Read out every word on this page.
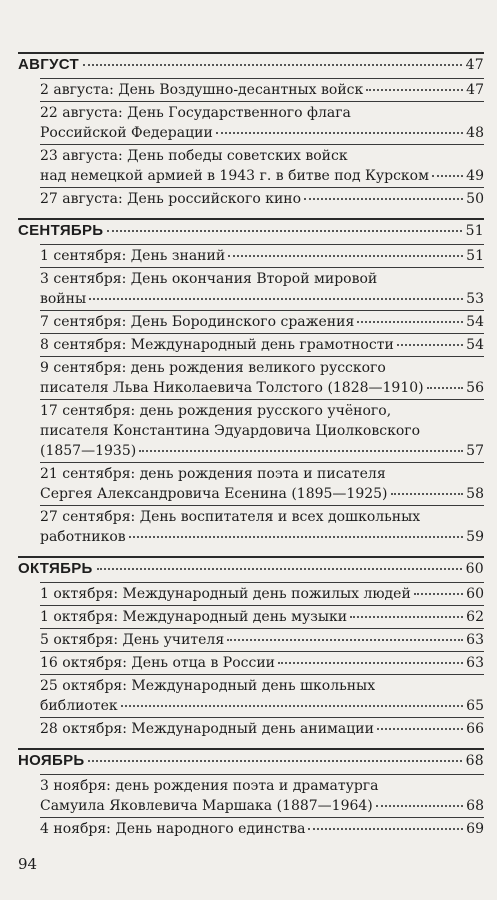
АВГУСТ	47
2 августа: День Воздушно-десантных войск	47
22 августа: День Государственного флага
Российской Федерации	48
23 августа: День победы советских войск
над немецкой армией в 1943 г. в битве под Курском	49
27 августа: День российского кино	50
СЕНТЯБРЬ	51
1 сентября: День знаний	51
3 сентября: День окончания Второй мировой
войны	53
7 сентября: День Бородинского сражения	54
8 сентября: Международный день грамотности	54
9 сентября: день рождения великого русского
писателя Льва Николаевича Толстого (1828—1910)	56
17 сентября: день рождения русского учёного,
писателя Константина Эдуардовича Циолковского
(1857—1935)	57
21 сентября: день рождения поэта и писателя
Сергея Александровича Есенина (1895—1925)	58
27 сентября: День воспитателя и всех дошкольных
работников	59
ОКТЯБРЬ	60
1 октября: Международный день пожилых людей	60
1 октября: Международный день музыки	62
5 октября: День учителя	63
16 октября: День отца в России	63
25 октября: Международный день школьных
библиотек	65
28 октября: Международный день анимации	66
НОЯБРЬ	68
3 ноября: день рождения поэта и драматурга
Самуила Яковлевича Маршака (1887—1964)	68
4 ноября: День народного единства	69
94
